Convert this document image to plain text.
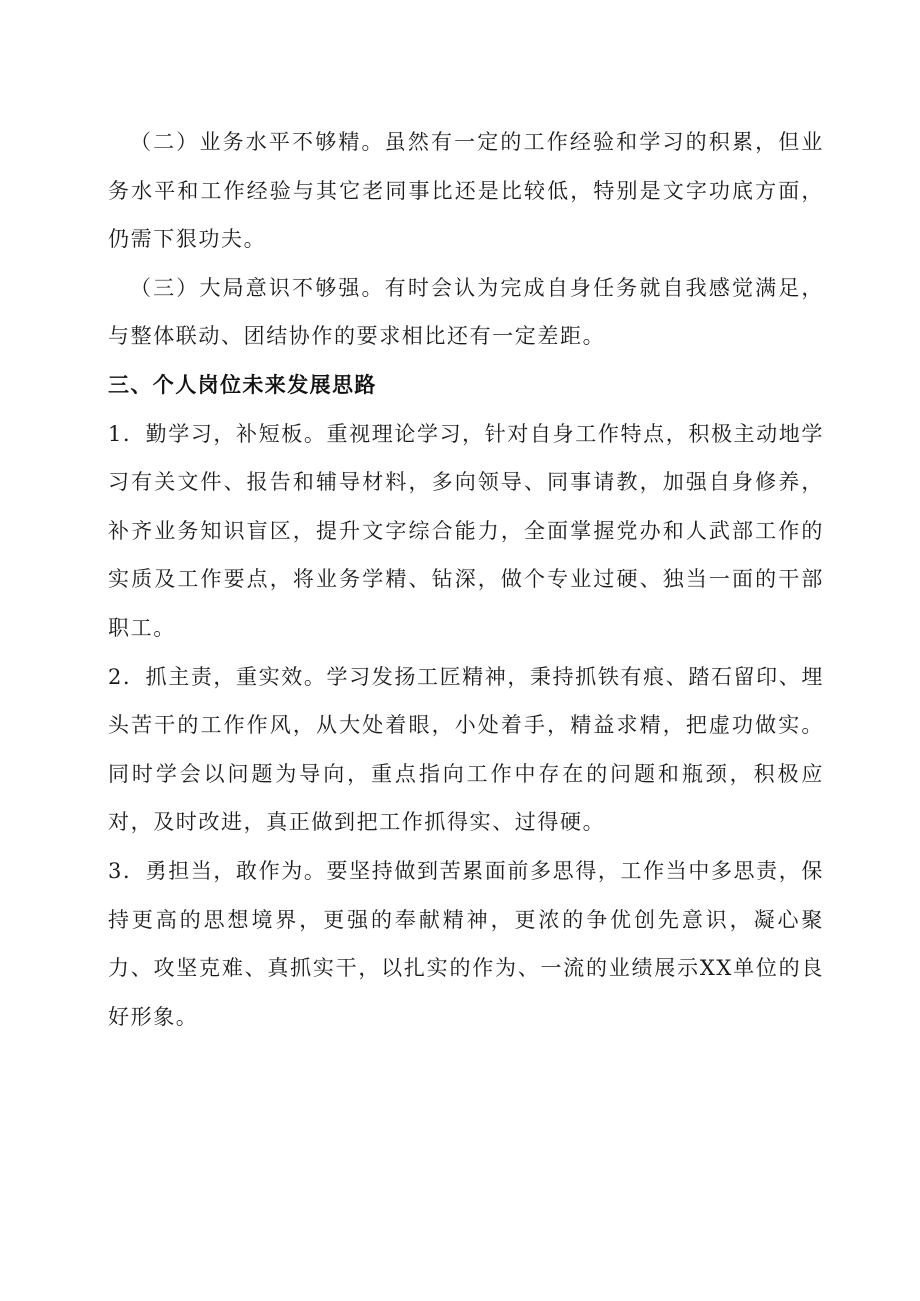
（二）业务水平不够精。虽然有一定的工作经验和学习的积累，但业务水平和工作经验与其它老同事比还是比较低，特别是文字功底方面，仍需下狠功夫。

（三）大局意识不够强。有时会认为完成自身任务就自我感觉满足，与整体联动、团结协作的要求相比还有一定差距。

三、个人岗位未来发展思路

1．勤学习，补短板。重视理论学习，针对自身工作特点，积极主动地学习有关文件、报告和辅导材料，多向领导、同事请教，加强自身修养，补齐业务知识盲区，提升文字综合能力，全面掌握党办和人武部工作的实质及工作要点，将业务学精、钻深，做个专业过硬、独当一面的干部职工。

2．抓主责，重实效。学习发扬工匠精神，秉持抓铁有痕、踏石留印、埋头苦干的工作作风，从大处着眼，小处着手，精益求精，把虚功做实。同时学会以问题为导向，重点指向工作中存在的问题和瓶颈，积极应对，及时改进，真正做到把工作抓得实、过得硬。

3．勇担当，敢作为。要坚持做到苦累面前多思得，工作当中多思责，保持更高的思想境界，更强的奉献精神，更浓的争优创先意识，凝心聚力、攻坚克难、真抓实干，以扎实的作为、一流的业绩展示XX单位的良好形象。
